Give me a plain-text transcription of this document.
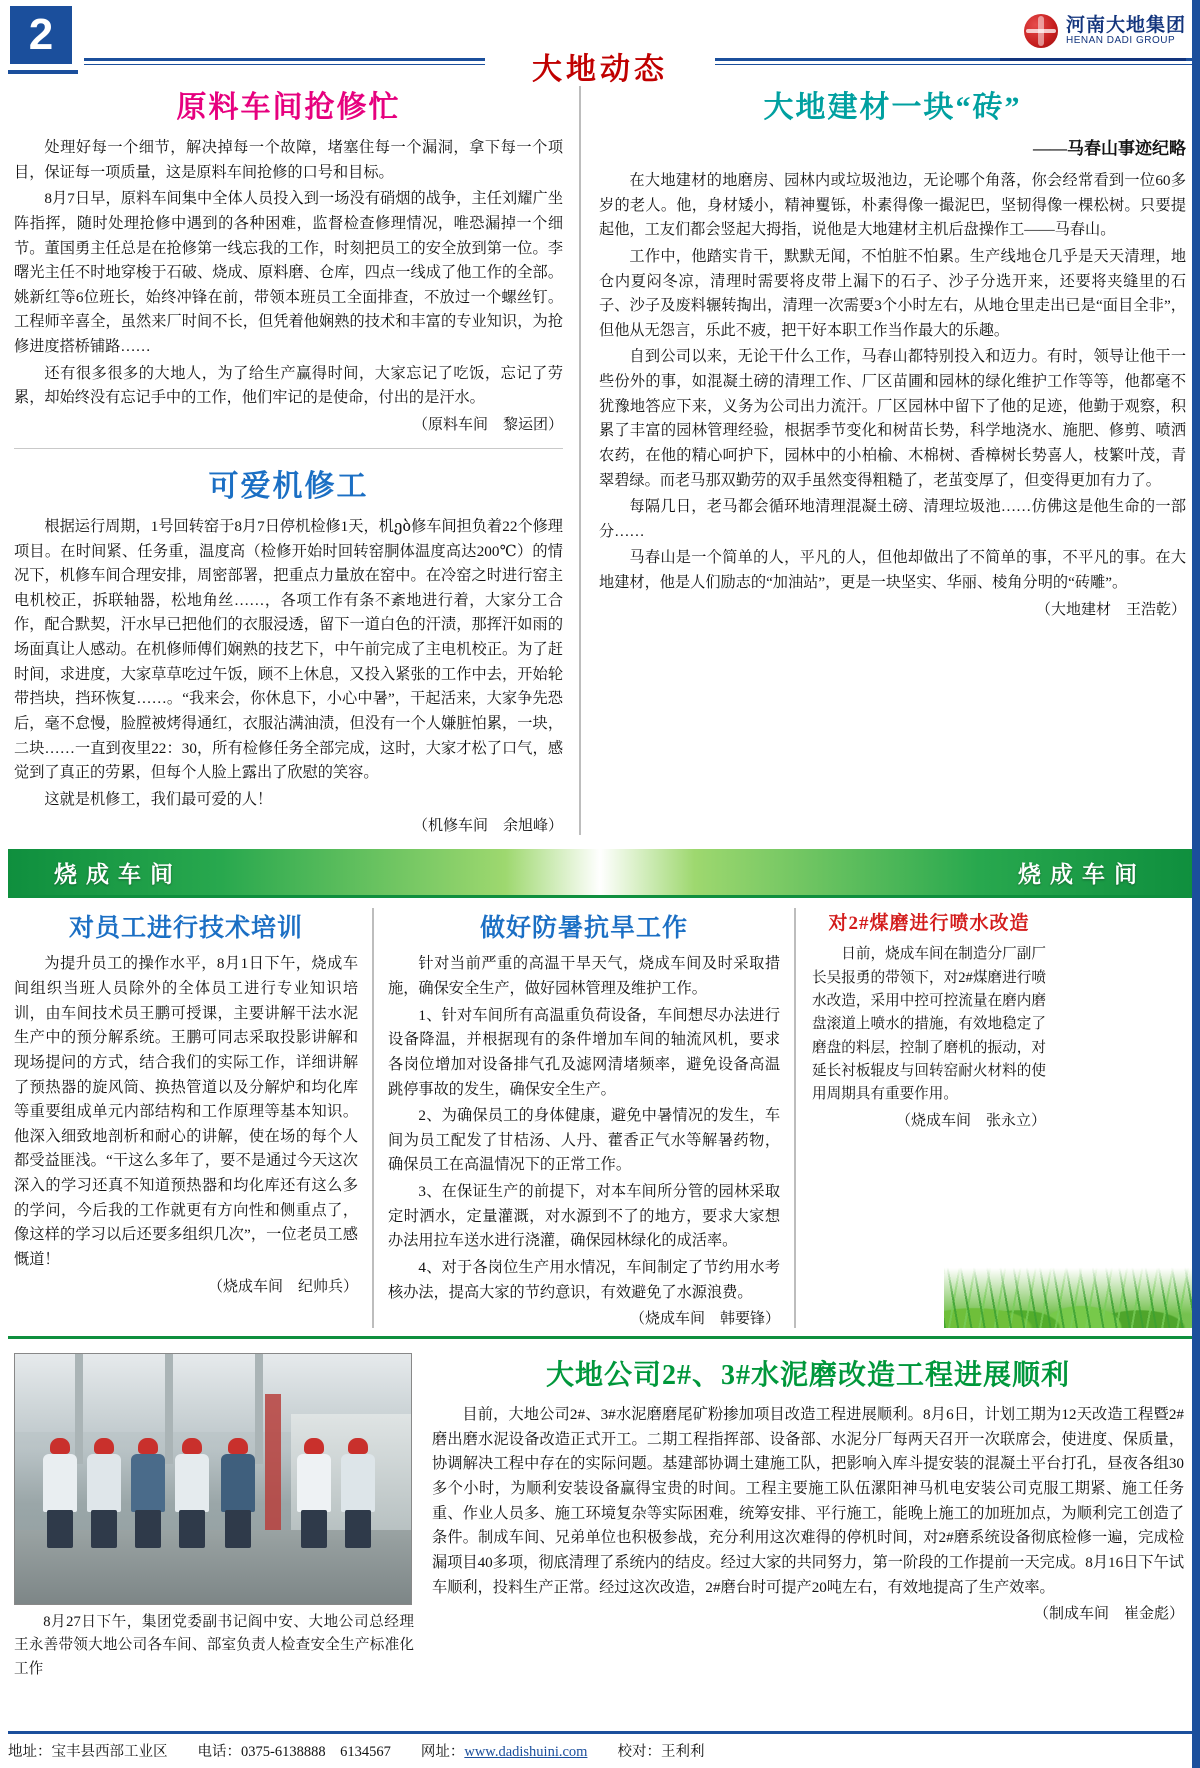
2
大地动态
河南大地集团
HENAN DADI GROUP
原料车间抢修忙

处理好每一个细节，解决掉每一个故障，堵塞住每一个漏洞，拿下每一个项目，保证每一项质量，这是原料车间抢修的口号和目标。

8月7日早，原料车间集中全体人员投入到一场没有硝烟的战争，主任刘耀广坐阵指挥，随时处理抢修中遇到的各种困难，监督检查修理情况，唯恐漏掉一个细节。董国勇主任总是在抢修第一线忘我的工作，时刻把员工的安全放到第一位。李曙光主任不时地穿梭于石破、烧成、原料磨、仓库，四点一线成了他工作的全部。姚新红等6位班长，始终冲锋在前，带领本班员工全面排查，不放过一个螺丝钉。工程师辛喜全，虽然来厂时间不长，但凭着他娴熟的技术和丰富的专业知识，为抢修进度搭桥铺路……

还有很多很多的大地人，为了给生产赢得时间，大家忘记了吃饭，忘记了劳累，却始终没有忘记手中的工作，他们牢记的是使命，付出的是汗水。

（原料车间　黎运团）
可爱机修工

根据运行周期，1号回转窑于8月7日停机检修1天，机ებ修车间担负着22个修理项目。在时间紧、任务重，温度高（检修开始时回转窑胴体温度高达200℃）的情况下，机修车间合理安排，周密部署，把重点力量放在窑中。在冷窑之时进行窑主电机校正，拆联轴器，松地角丝……，各项工作有条不紊地进行着，大家分工合作，配合默契，汗水早已把他们的衣服浸透，留下一道白色的汗渍，那挥汗如雨的场面真让人感动。在机修师傅们娴熟的技艺下，中午前完成了主电机校正。为了赶时间，求进度，大家草草吃过午饭，顾不上休息，又投入紧张的工作中去，开始轮带挡块，挡环恢复……。“我来会，你休息下，小心中暑”，干起活来，大家争先恐后，毫不怠慢，脸膛被烤得通红，衣服沾满油渍，但没有一个人嫌脏怕累，一块，二块……一直到夜里22：30，所有检修任务全部完成，这时，大家才松了口气，感觉到了真正的劳累，但每个人脸上露出了欣慰的笑容。

这就是机修工，我们最可爱的人！

（机修车间　余旭峰）
大地建材一块“砖”
——马春山事迹纪略

在大地建材的地磨房、园林内或垃圾池边，无论哪个角落，你会经常看到一位60多岁的老人。他，身材矮小，精神矍铄，朴素得像一撮泥巴，坚韧得像一棵松树。只要提起他，工友们都会竖起大拇指，说他是大地建材主机后盘操作工——马春山。

工作中，他踏实肯干，默默无闻，不怕脏不怕累。生产线地仓几乎是天天清理，地仓内夏闷冬凉，清理时需要将皮带上漏下的石子、沙子分选开来，还要将夹缝里的石子、沙子及废料辗转掏出，清理一次需要3个小时左右，从地仓里走出已是“面目全非”，但他从无怨言，乐此不疲，把干好本职工作当作最大的乐趣。

自到公司以来，无论干什么工作，马春山都特别投入和迈力。有时，领导让他干一些份外的事，如混凝土磅的清理工作、厂区苗圃和园林的绿化维护工作等等，他都毫不犹豫地答应下来，义务为公司出力流汗。厂区园林中留下了他的足迹，他勤于观察，积累了丰富的园林管理经验，根据季节变化和树苗长势，科学地浇水、施肥、修剪、喷洒农药，在他的精心呵护下，园林中的小柏榆、木棉树、香樟树长势喜人，枝繁叶茂，青翠碧绿。而老马那双勤劳的双手虽然变得粗糙了，老茧变厚了，但变得更加有力了。

每隔几日，老马都会循环地清理混凝土磅、清理垃圾池……仿佛这是他生命的一部分……

马春山是一个简单的人，平凡的人，但他却做出了不简单的事，不平凡的事。在大地建材，他是人们励志的“加油站”，更是一块坚实、华丽、棱角分明的“砖雕”。

（大地建材　王浩乾）
烧成车间	烧成车间
对员工进行技术培训

为提升员工的操作水平，8月1日下午，烧成车间组织当班人员除外的全体员工进行专业知识培训，由车间技术员王鹏可授课，主要讲解干法水泥生产中的预分解系统。王鹏可同志采取投影讲解和现场提问的方式，结合我们的实际工作，详细讲解了预热器的旋风筒、换热管道以及分解炉和均化库等重要组成单元内部结构和工作原理等基本知识。他深入细致地剖析和耐心的讲解，使在场的每个人都受益匪浅。“干这么多年了，要不是通过今天这次深入的学习还真不知道预热器和均化库还有这么多的学问，今后我的工作就更有方向性和侧重点了，像这样的学习以后还要多组织几次”，一位老员工感慨道！

（烧成车间　纪帅兵）
做好防暑抗旱工作

针对当前严重的高温干旱天气，烧成车间及时采取措施，确保安全生产，做好园林管理及维护工作。

1、针对车间所有高温重负荷设备，车间想尽办法进行设备降温，并根据现有的条件增加车间的轴流风机，要求各岗位增加对设备排气孔及滤网清堵频率，避免设备高温跳停事故的发生，确保安全生产。

2、为确保员工的身体健康，避免中暑情况的发生，车间为员工配发了甘桔汤、人丹、藿香正气水等解暑药物，确保员工在高温情况下的正常工作。

3、在保证生产的前提下，对本车间所分管的园林采取定时洒水，定量灌溉，对水源到不了的地方，要求大家想办法用拉车送水进行浇灌，确保园林绿化的成活率。

4、对于各岗位生产用水情况，车间制定了节约用水考核办法，提高大家的节约意识，有效避免了水源浪费。

（烧成车间　韩要锋）
对2#煤磨进行喷水改造

日前，烧成车间在制造分厂副厂长吴报勇的带领下，对2#煤磨进行喷水改造，采用中控可控流量在磨内磨盘滚道上喷水的措施，有效地稳定了磨盘的料层，控制了磨机的振动，对延长衬板辊皮与回转窑耐火材料的使用周期具有重要作用。

（烧成车间　张永立）
8月27日下午，集团党委副书记阎中安、大地公司总经理王永善带领大地公司各车间、部室负责人检查安全生产标准化工作
大地公司2#、3#水泥磨改造工程进展顺利

目前，大地公司2#、3#水泥磨磨尾矿粉掺加项目改造工程进展顺利。8月6日，计划工期为12天改造工程暨2#磨出磨水泥设备改造正式开工。二期工程指挥部、设备部、水泥分厂每两天召开一次联席会，使进度、保质量，协调解决工程中存在的实际问题。基建部协调土建施工队，把影响入库斗提安装的混凝土平台打孔，昼夜各组30多个小时，为顺利安装设备赢得宝贵的时间。工程主要施工队伍漯阳神马机电安装公司克服工期紧、施工任务重、作业人员多、施工环境复杂等实际困难，统筹安排、平行施工，能晚上施工的加班加点，为顺利完工创造了条件。制成车间、兄弟单位也积极参战，充分利用这次难得的停机时间，对2#磨系统设备彻底检修一遍，完成检漏项目40多项，彻底清理了系统内的结皮。经过大家的共同努力，第一阶段的工作提前一天完成。8月16日下午试车顺利，投料生产正常。经过这次改造，2#磨台时可提产20吨左右，有效地提高了生产效率。

（制成车间　崔金彪）
地址：宝丰县西部工业区 电话：0375-6138888　6134567 网址：www.dadishuini.com 校对：王利利
